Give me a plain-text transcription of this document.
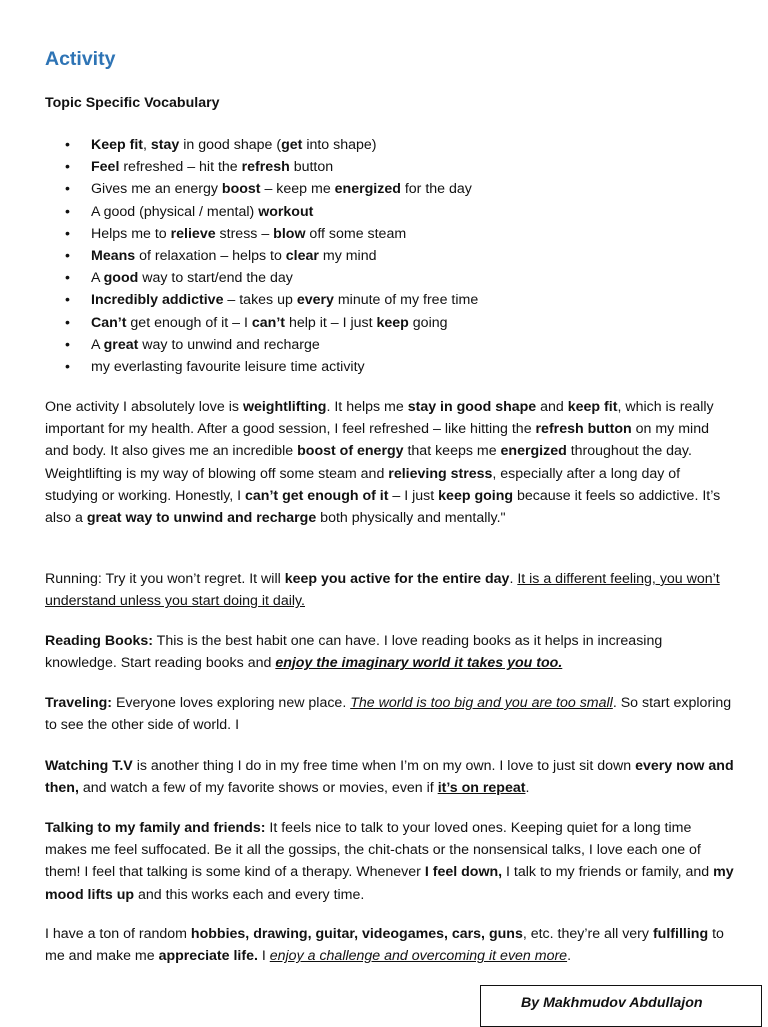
Activity
Topic Specific Vocabulary
• Keep fit, stay in good shape (get into shape)
• Feel refreshed – hit the refresh button
• Gives me an energy boost – keep me energized for the day
• A good (physical / mental) workout
• Helps me to relieve stress – blow off some steam
• Means of relaxation – helps to clear my mind
• A good way to start/end the day
• Incredibly addictive – takes up every minute of my free time
• Can’t get enough of it – I can’t help it – I just keep going
• A great way to unwind and recharge
• my everlasting favourite leisure time activity

One activity I absolutely love is weightlifting. It helps me stay in good shape and keep fit, which is really important for my health. After a good session, I feel refreshed – like hitting the refresh button on my mind and body. It also gives me an incredible boost of energy that keeps me energized throughout the day. Weightlifting is my way of blowing off some steam and relieving stress, especially after a long day of studying or working. Honestly, I can’t get enough of it – I just keep going because it feels so addictive. It’s also a great way to unwind and recharge both physically and mentally."

Running: Try it you won’t regret. It will keep you active for the entire day. It is a different feeling, you won’t understand unless you start doing it daily.

Reading Books: This is the best habit one can have. I love reading books as it helps in increasing knowledge. Start reading books and enjoy the imaginary world it takes you too.

Traveling: Everyone loves exploring new place. The world is too big and you are too small. So start exploring to see the other side of world. I

Watching T.V is another thing I do in my free time when I’m on my own. I love to just sit down every now and then, and watch a few of my favorite shows or movies, even if it’s on repeat.

Talking to my family and friends: It feels nice to talk to your loved ones. Keeping quiet for a long time makes me feel suffocated. Be it all the gossips, the chit-chats or the nonsensical talks, I love each one of them! I feel that talking is some kind of a therapy. Whenever I feel down, I talk to my friends or family, and my mood lifts up and this works each and every time.

I have a ton of random hobbies, drawing, guitar, videogames, cars, guns, etc. they’re all very fulfilling to me and make me appreciate life. I enjoy a challenge and overcoming it even more.

By Makhmudov Abdullajon
